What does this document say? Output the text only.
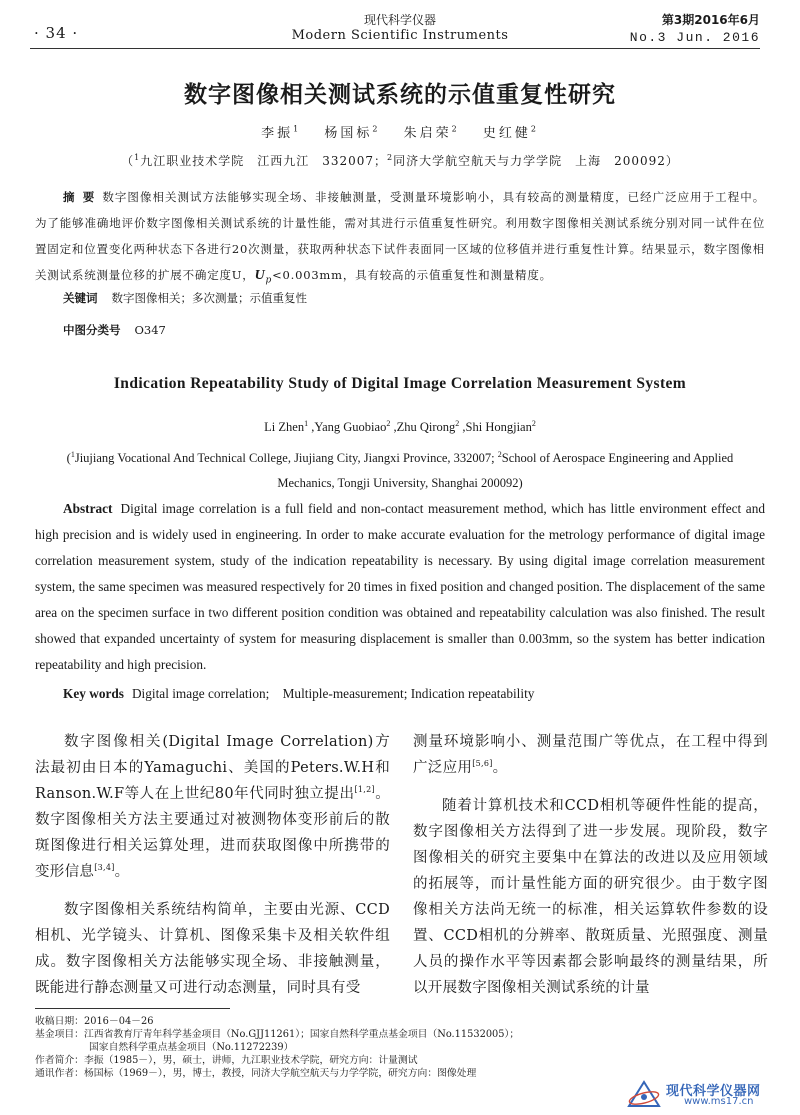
· 34 ·
现代科学仪器
Modern Scientific Instruments
第3期2016年6月
No.3 Jun. 2016
数字图像相关测试系统的示值重复性研究
李振$^1$  杨国标$^2$  朱启荣$^2$  史红健$^2$
（$^1$九江职业技术学院　江西九江　332007；$^2$同济大学航空航天与力学学院　上海　200092）
摘要数字图像相关测试方法能够实现全场、非接触测量，受测量环境影响小，具有较高的测量精度，已经广泛应用于工程中。为了能够准确地评价数字图像相关测试系统的计量性能，需对其进行示值重复性研究。利用数字图像相关测试系统分别对同一试件在位置固定和位置变化两种状态下各进行20次测量，获取两种状态下试件表面同一区域的位移值并进行重复性计算。结果显示，数字图像相关测试系统测量位移的扩展不确定度U，$U_p<0.003mm$，具有较高的示值重复性和测量精度。
关键词 数字图像相关；多次测量；示值重复性
中图分类号 O347
Indication Repeatability Study of Digital Image Correlation Measurement System
Li Zhen$^1$ ,Yang Guobiao$^2$ ,Zhu Qirong$^2$ ,Shi Hongjian$^2$
($^1$Jiujiang Vocational And Technical College, Jiujiang City, Jiangxi Province, 332007; $^2$School of Aerospace Engineering and Applied Mechanics, Tongji University, Shanghai 200092)
Abstract Digital image correlation is a full field and non-contact measurement method, which has little environment effect and high precision and is widely used in engineering. In order to make accurate evaluation for the metrology performance of digital image correlation measurement system, study of the indication repeatability is necessary. By using digital image correlation measurement system, the same specimen was measured respectively for 20 times in fixed position and changed position. The displacement of the same area on the specimen surface in two different position condition was obtained and repeatability calculation was also finished. The result showed that expanded uncertainty of system for measuring displacement is smaller than 0.003mm, so the system has better indication repeatability and high precision.
Key words Digital image correlation;　Multiple-measurement; Indication repeatability

数字图像相关(Digital Image Correlation)方法最初由日本的Yamaguchi、美国的Peters.W.H和 Ranson.W.F等人在上世纪80年代同时独立提出[1,2]。数字图像相关方法主要通过对被测物体变形前后的散斑图像进行相关运算处理，进而获取图像中所携带的变形信息[3,4]。

数字图像相关系统结构简单，主要由光源、CCD相机、光学镜头、计算机、图像采集卡及相关软件组成。数字图像相关方法能够实现全场、非接触测量，既能进行静态测量又可进行动态测量，同时具有受

测量环境影响小、测量范围广等优点，在工程中得到广泛应用[5,6]。

随着计算机技术和CCD相机等硬件性能的提高，数字图像相关方法得到了进一步发展。现阶段，数字图像相关的研究主要集中在算法的改进以及应用领域的拓展等，而计量性能方面的研究很少。由于数字图像相关方法尚无统一的标准，相关运算软件参数的设置、CCD相机的分辨率、散斑质量、光照强度、测量人员的操作水平等因素都会影响最终的测量结果，所以开展数字图像相关测试系统的计量

收稿日期：2016－04－26
基金项目：江西省教育厅青年科学基金项目（No.GJJ11261）；国家自然科学重点基金项目（No.11532005）；
国家自然科学重点基金项目（No.11272239）
作者简介：李振（1985－），男，硕士，讲师，九江职业技术学院，研究方向：计量测试
通讯作者：杨国标（1969－），男，博士，教授，同济大学航空航天与力学学院，研究方向：图像处理
现代科学仪器网
www.ms17.cn
